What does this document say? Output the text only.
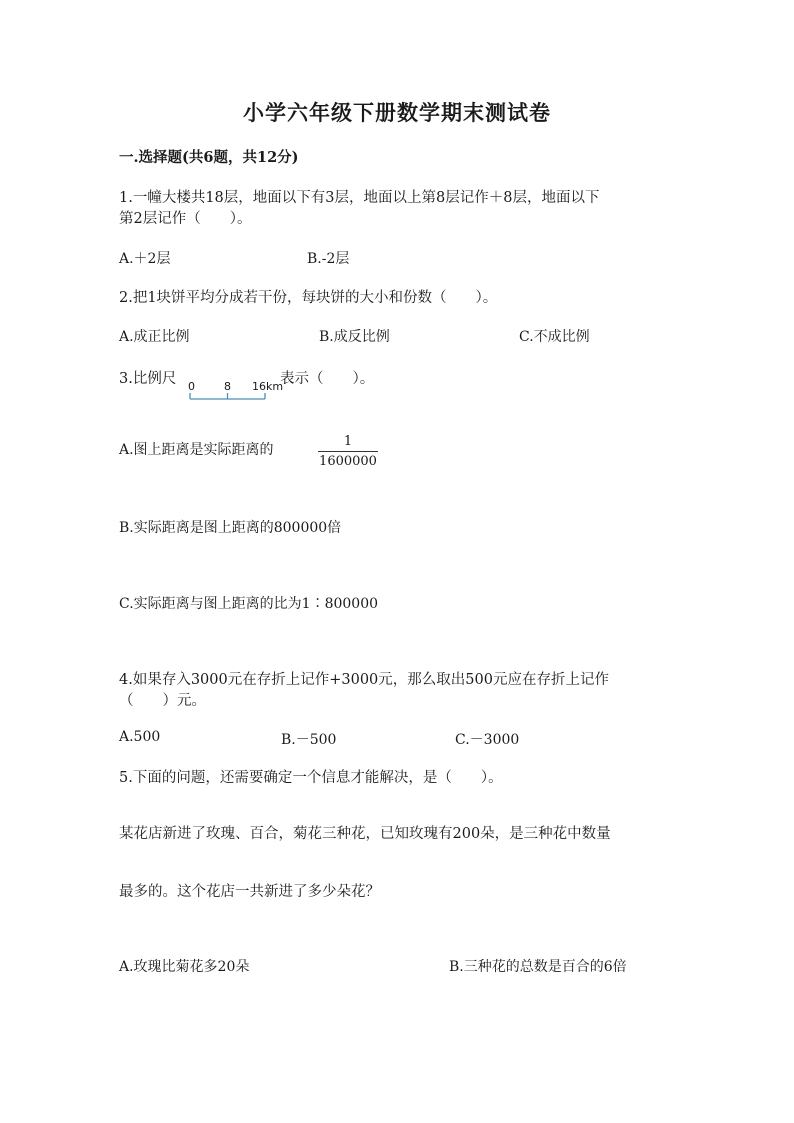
小学六年级下册数学期末测试卷
一.选择题(共6题，共12分)
1.一幢大楼共18层，地面以下有3层，地面以上第8层记作＋8层，地面以下
第2层记作（　　）。
A.＋2层	B.-2层
2.把1块饼平均分成若干份，每块饼的大小和份数（　　）。
A.成正比例	B.成反比例	C.不成比例
3.比例尺 0	8 16km
表示（　　）。
A.图上距离是实际距离的
1
1600000
B.实际距离是图上距离的800000倍
C.实际距离与图上距离的比为1∶800000
4.如果存入3000元在存折上记作+3000元，那么取出500元应在存折上记作
（　　）元。
A.500	B.－500	C.－3000
5.下面的问题，还需要确定一个信息才能解决，是（　　）。
某花店新进了玫瑰、百合，菊花三种花，已知玫瑰有200朵，是三种花中数量
最多的。这个花店一共新进了多少朵花？
A.玫瑰比菊花多20朵	B.三种花的总数是百合的6倍
